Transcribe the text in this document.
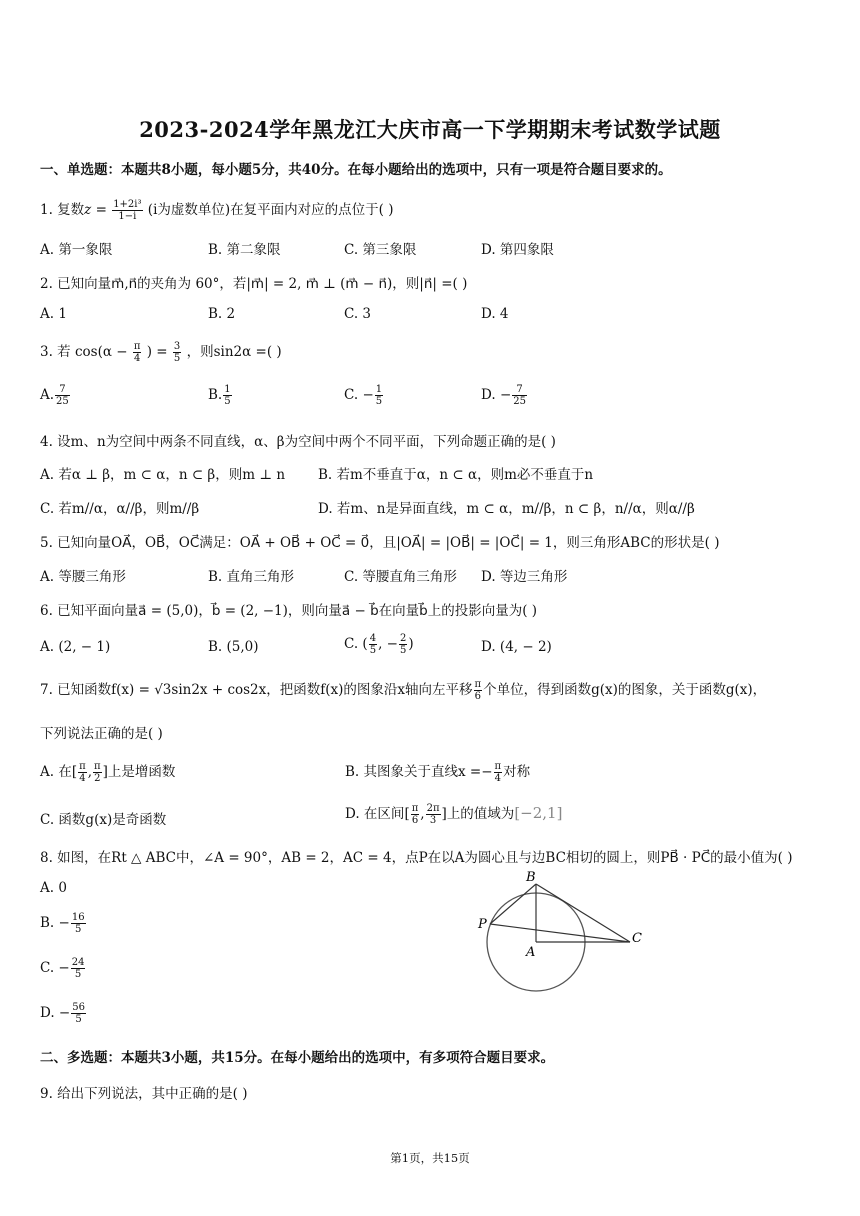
2023-2024学年黑龙江大庆市高一下学期期末考试数学试题
一、单选题：本题共8小题，每小题5分，共40分。在每小题给出的选项中，只有一项是符合题目要求的。
1. 复数$z = \frac{\text{1+2i³}}{1-i} (i$为虚数单位)在复平面内对应的点位于( )
A. 第一象限	B. 第二象限	C. 第三象限	D. 第四象限
2. 已知向量m⃗,n⃗的夹角为 60°，若|m⃗| = 2, m⃗ ⊥ (m⃗ − n⃗)，则|n⃗| =( )
A. 1	B. 2	C. 3	D. 4
3. 若 $\cos(\alpha - \frac{\pi}{4}$ ) = $\frac{3}{5}$ ，则sin2α =( )
A. $\frac{7}{25}$	B. $\frac{1}{5}$	C. − $\frac{1}{5}$	D. − $\frac{7}{25}$
4. 设m、n为空间中两条不同直线，α、β为空间中两个不同平面，下列命题正确的是( )
A. 若α ⊥ β，m ⊂ α，n ⊂ β，则m ⊥ n B. 若m不垂直于α，n ⊂ α，则m必不垂直于n
C. 若m//α，α//β，则m//β	D. 若m、n是异面直线，m ⊂ α，m//β，n ⊂ β，n//α，则α//β
5. 已知向量OA⃗，OB⃗，OC⃗满足：OA⃗ + OB⃗ + OC⃗ = 0⃗，且|OA⃗| = |OB⃗| = |OC⃗| = 1，则三角形ABC的形状是( )
A. 等腰三角形	B. 直角三角形	C. 等腰直角三角形 D. 等边三角形
6. 已知平面向量a⃗ = (5,0)，b⃗ = (2, −1)，则向量a⃗ − b⃗在向量b⃗上的投影向量为( )
A. (2, − 1)	B. (5,0)	C. ( $\frac{4}{5}$ , − $\frac{2}{5}$ )	D. (4, − 2)
7. 已知函数f(x) = √3sin2x + cos2x，把函数f(x)的图象沿x轴向左平移 $\frac{\pi}{6}$ 个单位，得到函数g(x)的图象，关于函数g(x)，
下列说法正确的是( )
A. 在[ $\frac{\pi}{4}$ , $\frac{\pi}{2}$ ]上是增函数	B. 其图象关于直线$x =- \frac{\pi}{4}$ 对称
C. 函数g(x)是奇函数	D. 在区间[ $\frac{\pi}{6}$ , $\frac{2\pi}{3}$ ]上的值域为[−2,1]
8. 如图，在Rt △ ABC中，∠A = 90°，AB = 2，AC = 4，点P在以A为圆心且与边BC相切的圆上，则PB⃗ · PC⃗的最小值为( )
A. 0
B. − $\frac{16}{5}$
C. − $\frac{24}{5}$
D. − $\frac{56}{5}$
B
P
A
C
二、多选题：本题共3小题，共15分。在每小题给出的选项中，有多项符合题目要求。
9. 给出下列说法，其中正确的是( )
第1页，共15页
